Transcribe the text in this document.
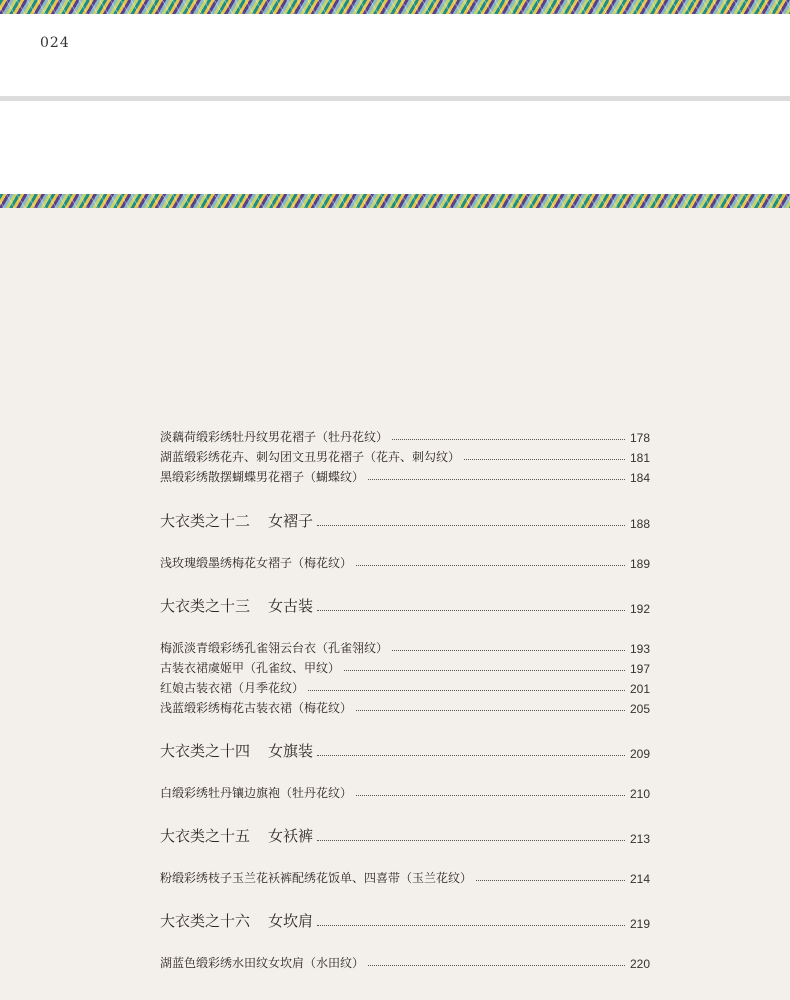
024
淡藕荷缎彩绣牡丹纹男花褶子（牡丹花纹）	178
湖蓝缎彩绣花卉、刺勾团文丑男花褶子（花卉、刺勾纹）	181
黑缎彩绣散摆蝴蝶男花褶子（蝴蝶纹）	184
大衣类之十二 女褶子	188
浅玫瑰缎墨绣梅花女褶子（梅花纹）	189
大衣类之十三 女古装	192
梅派淡青缎彩绣孔雀翎云台衣（孔雀翎纹）	193
古装衣裙虞姬甲（孔雀纹、甲纹）	197
红娘古装衣裙（月季花纹）	201
浅蓝缎彩绣梅花古装衣裙（梅花纹）	205
大衣类之十四 女旗装	209
白缎彩绣牡丹镶边旗袍（牡丹花纹）	210
大衣类之十五 女袄裤	213
粉缎彩绣枝子玉兰花袄裤配绣花饭单、四喜带（玉兰花纹）	214
大衣类之十六 女坎肩	219
湖蓝色缎彩绣水田纹女坎肩（水田纹）	220
